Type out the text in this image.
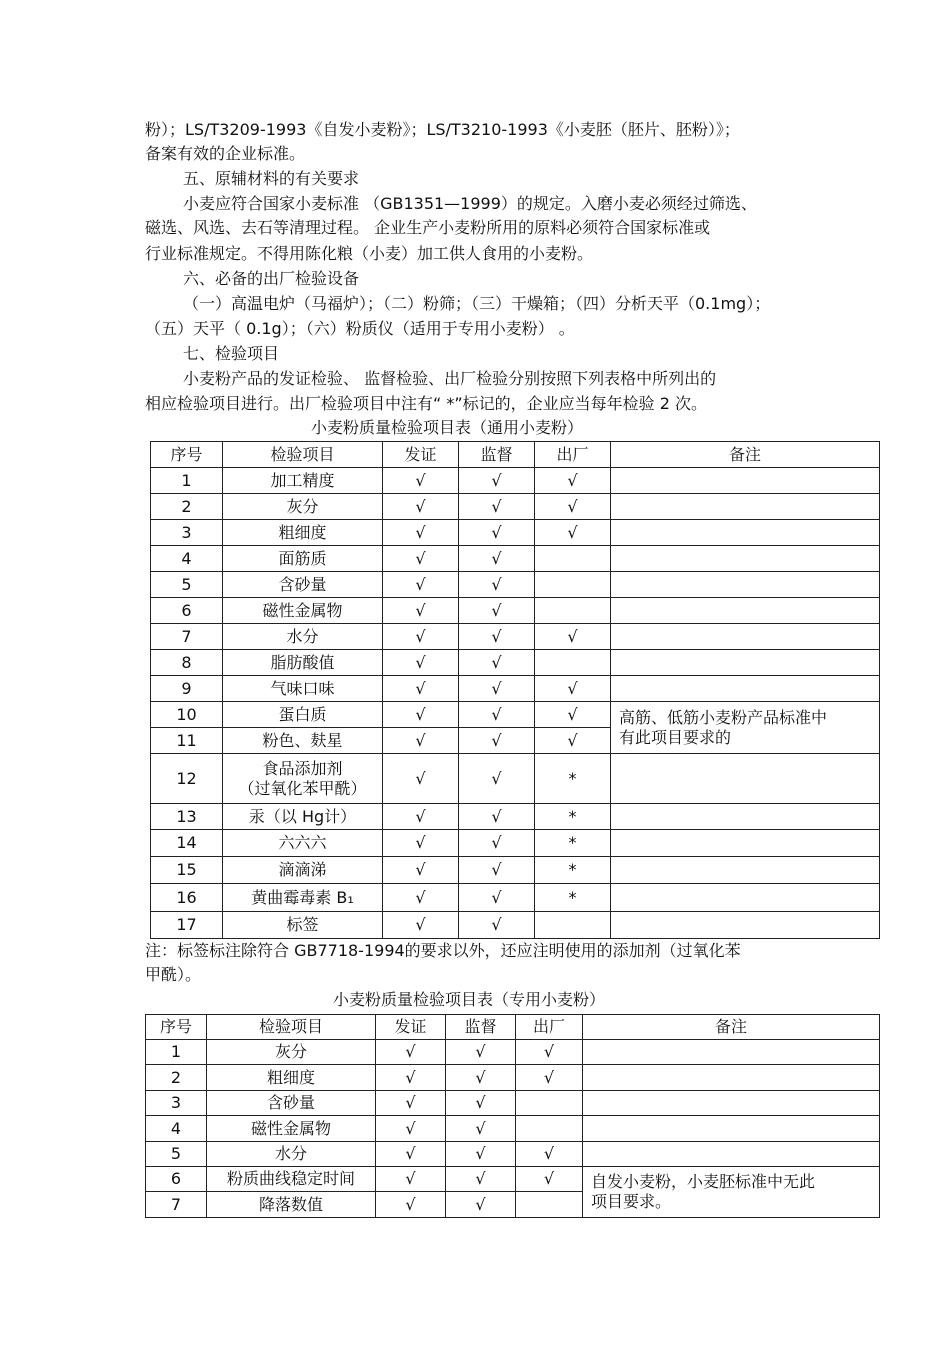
粉）；LS/T3209-1993《自发小麦粉》；LS/T3210-1993《小麦胚（胚片、胚粉）》；
备案有效的企业标准。
五、原辅材料的有关要求
小麦应符合国家小麦标准 （GB1351—1999）的规定。入磨小麦必须经过筛选、
磁选、风选、去石等清理过程。 企业生产小麦粉所用的原料必须符合国家标准或
行业标准规定。不得用陈化粮（小麦）加工供人食用的小麦粉。
六、必备的出厂检验设备
（一）高温电炉（马福炉）；（二）粉筛；（三）干燥箱；（四）分析天平（0.1mg）；
（五）天平（ 0.1g）；（六）粉质仪（适用于专用小麦粉） 。
七、检验项目
小麦粉产品的发证检验、 监督检验、出厂检验分别按照下列表格中所列出的
相应检验项目进行。出厂检验项目中注有“ *”标记的，企业应当每年检验 2 次。
小麦粉质量检验项目表（通用小麦粉）
序号	检验项目	发证	监督	出厂	备注
1	加工精度	√	√	√	
2	灰分	√	√	√	
3	粗细度	√	√	√	
4	面筋质	√	√		
5	含砂量	√	√		
6	磁性金属物	√	√		
7	水分	√	√	√	
8	脂肪酸值	√	√		
9	气味口味	√	√	√	
10	蛋白质	√	√	√	高筋、低筋小麦粉产品标准中
有此项目要求的

11	粉色、麸星	√	√	√	
12	食品添加剂
（过氧化苯甲酰）	√	√	*	
13	汞（以 Hg计）	√	√	*	
14	六六六	√	√	*	
15	滴滴涕	√	√	*	
16	黄曲霉毒素 B₁	√	√	*	
17	标签	√	√		
注：标签标注除符合 GB7718-1994的要求以外，还应注明使用的添加剂（过氧化苯
甲酰）。
小麦粉质量检验项目表（专用小麦粉）
序号	检验项目	发证	监督	出厂	备注
1	灰分	√	√	√	
2	粗细度	√	√	√	
3	含砂量	√	√		
4	磁性金属物	√	√		
5	水分	√	√	√	
6	粉质曲线稳定时间	√	√	√	自发小麦粉，小麦胚标准中无此
项目要求。

7	降落数值	√	√		
